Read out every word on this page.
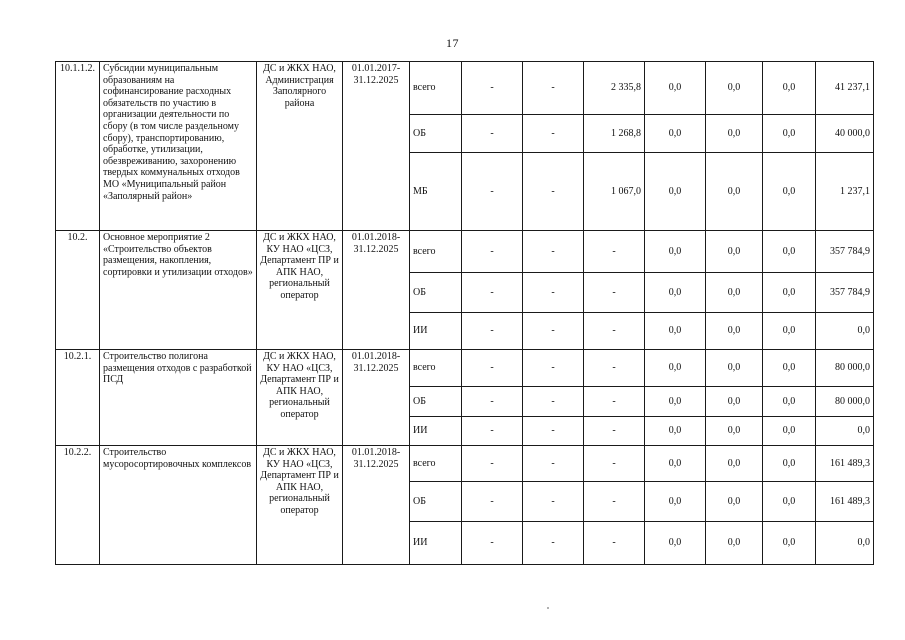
17
10.1.1.2.	Субсидии муниципальным образованиям на софинансирование расходных обязательств по участию в организации деятельности по сбору (в том числе раздельному сбору), транспортированию, обработке, утилизации, обезвреживанию, захоронению твердых коммунальных отходов МО «Муниципальный район «Заполярный район»	ДС и ЖКХ НАО, Администрация Заполярного района	01.01.2017-31.12.2025	всего	-	-	2 335,8	0,0	0,0	0,0	41 237,1
				ОБ	-	-	1 268,8	0,0	0,0	0,0	40 000,0
				МБ	-	-	1 067,0	0,0	0,0	0,0	1 237,1
10.2.	Основное мероприятие 2 «Строительство объектов размещения, накопления, сортировки и утилизации отходов»	ДС и ЖКХ НАО, КУ НАО «ЦСЗ, Департамент ПР и АПК НАО, региональный оператор	01.01.2018-31.12.2025	всего	-	-	-	0,0	0,0	0,0	357 784,9
				ОБ	-	-	-	0,0	0,0	0,0	357 784,9
				ИИ	-	-	-	0,0	0,0	0,0	0,0
10.2.1.	Строительство полигона размещения отходов с разработкой ПСД	ДС и ЖКХ НАО, КУ НАО «ЦСЗ, Департамент ПР и АПК НАО, региональный оператор	01.01.2018-31.12.2025	всего	-	-	-	0,0	0,0	0,0	80 000,0
				ОБ	-	-	-	0,0	0,0	0,0	80 000,0
				ИИ	-	-	-	0,0	0,0	0,0	0,0
10.2.2.	Строительство мусоросортировочных комплексов	ДС и ЖКХ НАО, КУ НАО «ЦСЗ, Департамент ПР и АПК НАО, региональный оператор	01.01.2018-31.12.2025	всего	-	-	-	0,0	0,0	0,0	161 489,3
				ОБ	-	-	-	0,0	0,0	0,0	161 489,3
				ИИ	-	-	-	0,0	0,0	0,0	0,0
